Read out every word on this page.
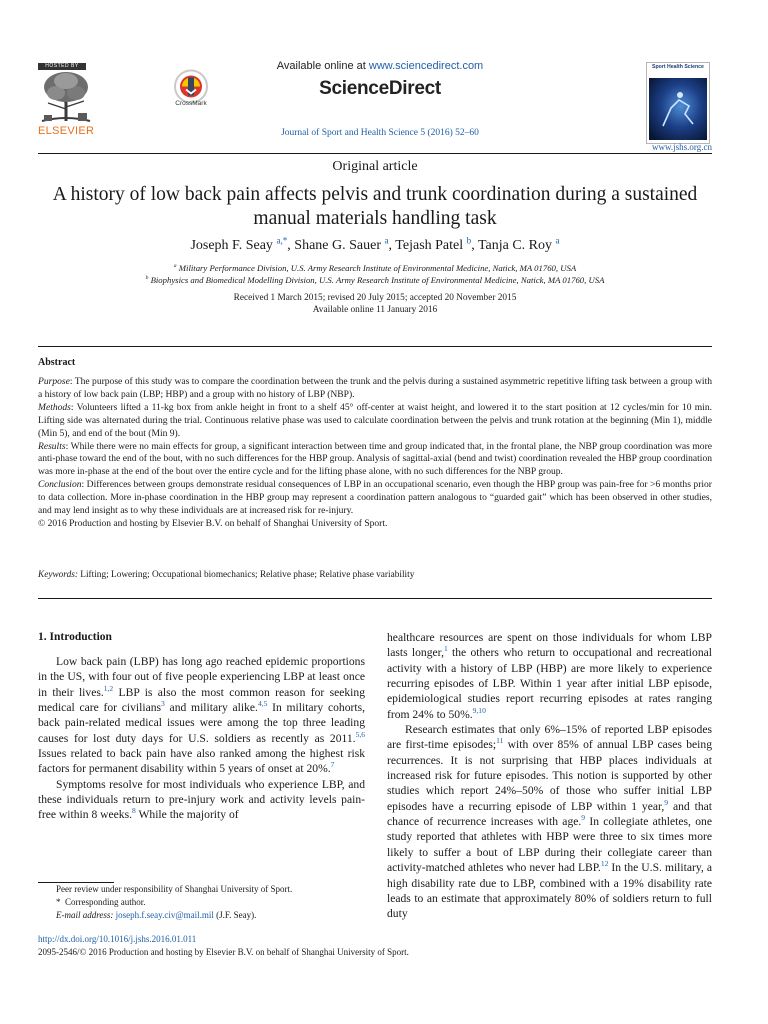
HOSTED BY
ELSEVIER
CrossMark
Available online at www.sciencedirect.com
ScienceDirect
Journal of Sport and Health Science 5 (2016) 52–60
Sport Health Science
www.jshs.org.cn
Original article
A history of low back pain affects pelvis and trunk coordination during a sustained manual materials handling task
Joseph F. Seay $^{a,*}$, Shane G. Sauer $^a$, Tejash Patel $^b$, Tanja C. Roy $^a$
$^a$ Military Performance Division, U.S. Army Research Institute of Environmental Medicine, Natick, MA 01760, USA
$^b$ Biophysics and Biomedical Modelling Division, U.S. Army Research Institute of Environmental Medicine, Natick, MA 01760, USA
Received 1 March 2015; revised 20 July 2015; accepted 20 November 2015
Available online 11 January 2016
Abstract

Purpose: The purpose of this study was to compare the coordination between the trunk and the pelvis during a sustained asymmetric repetitive lifting task between a group with a history of low back pain (LBP; HBP) and a group with no history of LBP (NBP).

Methods: Volunteers lifted a 11-kg box from ankle height in front to a shelf 45° off-center at waist height, and lowered it to the start position at 12 cycles/min for 10 min. Lifting side was alternated during the trial. Continuous relative phase was used to calculate coordination between the pelvis and trunk rotation at the beginning (Min 1), middle (Min 5), and end of the bout (Min 9).

Results: While there were no main effects for group, a significant interaction between time and group indicated that, in the frontal plane, the NBP group coordination was more anti-phase toward the end of the bout, with no such differences for the HBP group. Analysis of sagittal-axial (bend and twist) coordination revealed the HBP group coordination was more in-phase at the end of the bout over the entire cycle and for the lifting phase alone, with no such differences for the NBP group.

Conclusion: Differences between groups demonstrate residual consequences of LBP in an occupational scenario, even though the HBP group was pain-free for >6 months prior to data collection. More in-phase coordination in the HBP group may represent a coordination pattern analogous to “guarded gait” which has been observed in other studies, and may lend insight as to why these individuals are at increased risk for re-injury.

© 2016 Production and hosting by Elsevier B.V. on behalf of Shanghai University of Sport.

Keywords: Lifting; Lowering; Occupational biomechanics; Relative phase; Relative phase variability
1. Introduction

Low back pain (LBP) has long ago reached epidemic proportions in the US, with four out of five people experiencing LBP at least once in their lives.$^{1,2}$ LBP is also the most common reason for seeking medical care for civilians$^3$ and military alike.$^{4,5}$ In military cohorts, back pain-related medical issues were among the top three leading causes for lost duty days for U.S. soldiers as recently as 2011.$^{5,6}$ Issues related to back pain have also ranked among the highest risk factors for permanent disability within 5 years of onset at 20%.$^7$

Symptoms resolve for most individuals who experience LBP, and these individuals return to pre-injury work and activity levels pain-free within 8 weeks.$^8$ While the majority of

healthcare resources are spent on those individuals for whom LBP lasts longer,$^1$ the others who return to occupational and recreational activity with a history of LBP (HBP) are more likely to experience recurring episodes of LBP. Within 1 year after initial LBP episode, epidemiological studies report recurring episodes at rates ranging from 24% to 50%.$^{9,10}$

Research estimates that only 6%–15% of reported LBP episodes are first-time episodes;$^{11}$ with over 85% of annual LBP cases being recurrences. It is not surprising that HBP places individuals at increased risk for future episodes. This notion is supported by other studies which report 24%–50% of those who suffer initial LBP episodes have a recurring episode of LBP within 1 year,$^9$ and that chance of recurrence increases with age.$^9$ In collegiate athletes, one study reported that athletes with HBP were three to six times more likely to suffer a bout of LBP during their collegiate career than activity-matched athletes who never had LBP.$^{12}$ In the U.S. military, a high disability rate due to LBP, combined with a 19% disability rate leads to an estimate that approximately 80% of soldiers return to full duty

Peer review under responsibility of Shanghai University of Sport.
* Corresponding author.
E-mail address: joseph.f.seay.civ@mail.mil (J.F. Seay).
http://dx.doi.org/10.1016/j.jshs.2016.01.011
2095-2546/© 2016 Production and hosting by Elsevier B.V. on behalf of Shanghai University of Sport.
